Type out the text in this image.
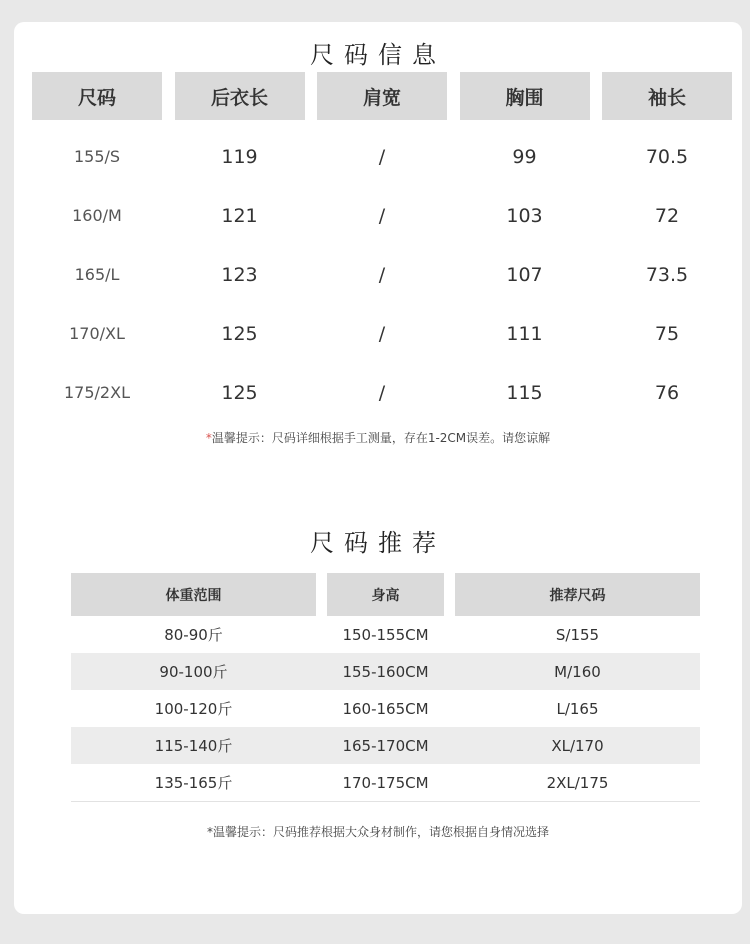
尺码信息
尺码	后衣长	肩宽	胸围	袖长
155/S	119	/	99	70.5
160/M	121	/	103	72
165/L	123	/	107	73.5
170/XL	125	/	111	75
175/2XL	125	/	115	76
*温馨提示：尺码详细根据手工测量，存在1-2CM误差。请您谅解
尺码推荐
体重范围	身高	推荐尺码
80-90斤	150-155CM	S/155
90-100斤	155-160CM	M/160
100-120斤	160-165CM	L/165
115-140斤	165-170CM	XL/170
135-165斤	170-175CM	2XL/175
*温馨提示：尺码推荐根据大众身材制作，请您根据自身情况选择
